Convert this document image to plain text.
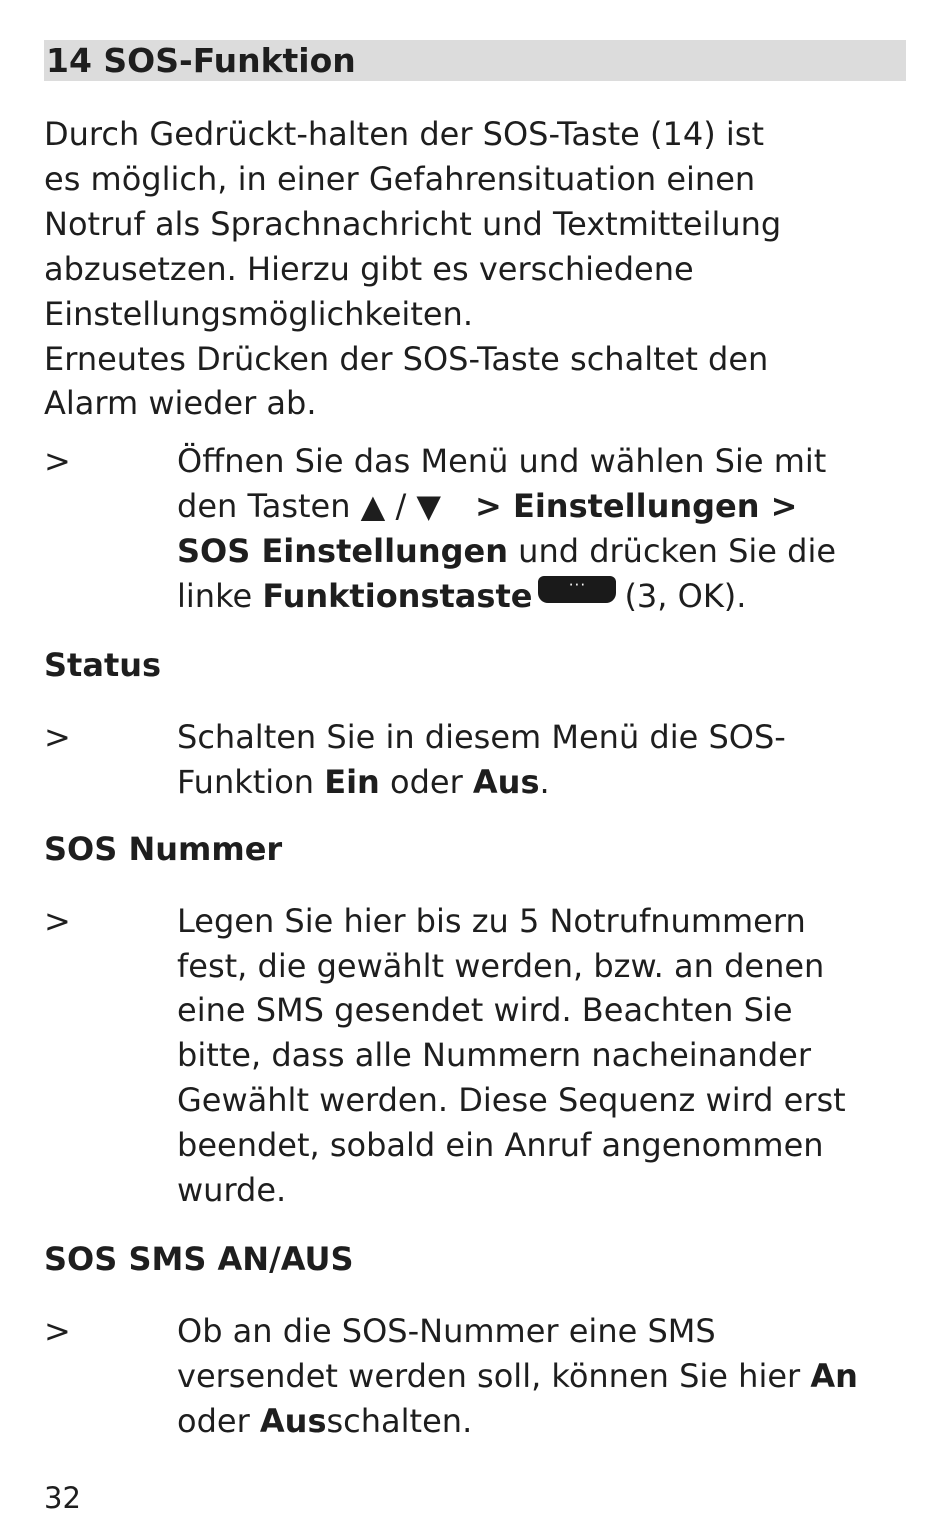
14 SOS-Funktion

Durch Gedrückt-halten der SOS-Taste (14) ist
es möglich, in einer Gefahrensituation einen
Notruf als Sprachnachricht und Textmitteilung
abzusetzen. Hierzu gibt es verschiedene
Einstellungsmöglichkeiten.
Erneutes Drücken der SOS-Taste schaltet den
Alarm wieder ab.

>	Öffnen Sie das Menü und wählen Sie mit
den Tasten ▲ / ▼ > Einstellungen >
SOS Einstellungen und drücken Sie die
linke Funktionstaste	···	(3, OK).
Status
>	Schalten Sie in diesem Menü die SOS-
Funktion Ein oder Aus.
SOS Nummer
>	Legen Sie hier bis zu 5 Notrufnummern
fest, die gewählt werden, bzw. an denen
eine SMS gesendet wird. Beachten Sie
bitte, dass alle Nummern nacheinander
Gewählt werden. Diese Sequenz wird erst
beendet, sobald ein Anruf angenommen
wurde.
SOS SMS AN/AUS
>	Ob an die SOS-Nummer eine SMS
versendet werden soll, können Sie hier An
oder Ausschalten.
32
